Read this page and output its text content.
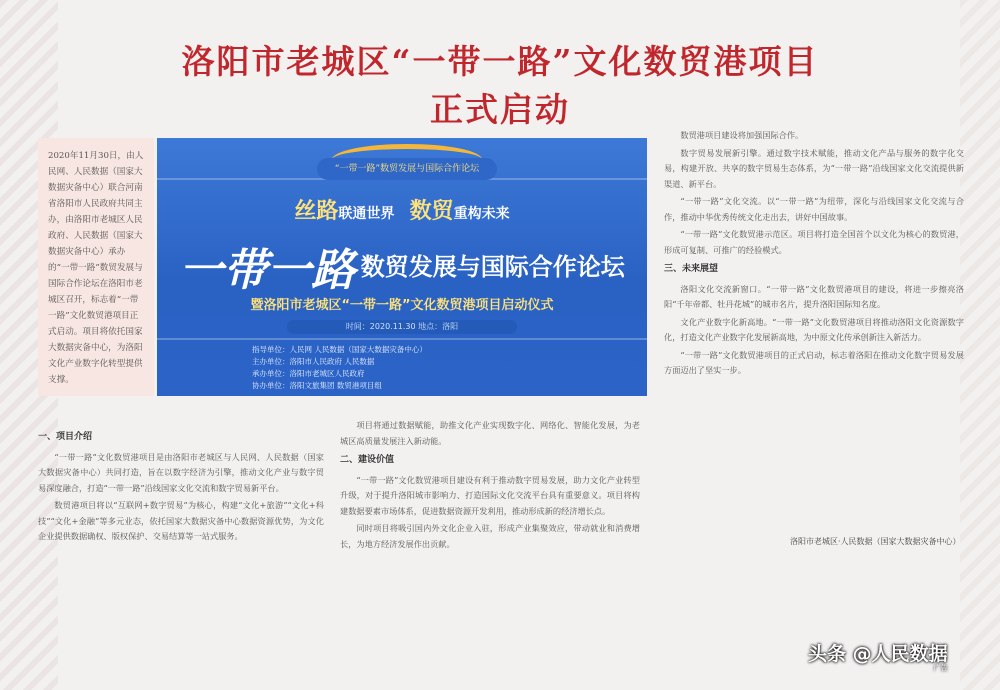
洛阳市老城区“一带一路”文化数贸港项目
正式启动
2020年11月30日，由人民网、人民数据（国家大数据灾备中心）联合河南省洛阳市人民政府共同主办，由洛阳市老城区人民政府、人民数据（国家大数据灾备中心）承办的“一带一路”数贸发展与国际合作论坛在洛阳市老城区召开，标志着“一带一路”文化数贸港项目正式启动。项目将依托国家大数据灾备中心，为洛阳文化产业数字化转型提供支撑。
“一带一路”数贸发展与国际合作论坛
丝路联通世界 数贸重构未来
一带一路 数贸发展与国际合作论坛
暨洛阳市老城区“一带一路”文化数贸港项目启动仪式
时间：2020.11.30 地点：洛阳
指导单位：人民网 人民数据（国家大数据灾备中心）
主办单位：洛阳市人民政府 人民数据
承办单位：洛阳市老城区人民政府
协办单位：洛阳文旅集团 数贸港项目组
一、项目介绍

“一带一路”文化数贸港项目是由洛阳市老城区与人民网、人民数据（国家大数据灾备中心）共同打造，旨在以数字经济为引擎，推动文化产业与数字贸易深度融合，打造“一带一路”沿线国家文化交流和数字贸易新平台。

数贸港项目将以“互联网+数字贸易”为核心，构建“文化+旅游”“文化+科技”“文化+金融”等多元业态，依托国家大数据灾备中心数据资源优势，为文化企业提供数据确权、版权保护、交易结算等一站式服务。

项目将通过数据赋能，助推文化产业实现数字化、网络化、智能化发展，为老城区高质量发展注入新动能。

二、建设价值

“一带一路”文化数贸港项目建设有利于推动数字贸易发展，助力文化产业转型升级，对于提升洛阳城市影响力、打造国际文化交流平台具有重要意义。项目将构建数据要素市场体系，促进数据资源开发利用，推动形成新的经济增长点。

同时项目将吸引国内外文化企业入驻，形成产业集聚效应，带动就业和消费增长，为地方经济发展作出贡献。

数贸港项目建设将加强国际合作。

数字贸易发展新引擎。通过数字技术赋能，推动文化产品与服务的数字化交易，构建开放、共享的数字贸易生态体系，为“一带一路”沿线国家文化交流提供新渠道、新平台。

“一带一路”文化交流。以“一带一路”为纽带，深化与沿线国家文化交流与合作，推动中华优秀传统文化走出去，讲好中国故事。

“一带一路”文化数贸港示范区。项目将打造全国首个以文化为核心的数贸港，形成可复制、可推广的经验模式。

三、未来展望

洛阳文化交流新窗口。“一带一路”文化数贸港项目的建设，将进一步擦亮洛阳“千年帝都、牡丹花城”的城市名片，提升洛阳国际知名度。

文化产业数字化新高地。“一带一路”文化数贸港项目将推动洛阳文化资源数字化，打造文化产业数字化发展新高地，为中原文化传承创新注入新活力。

“一带一路”文化数贸港项目的正式启动，标志着洛阳在推动文化数字贸易发展方面迈出了坚实一步。

洛阳市老城区·人民数据（国家大数据灾备中心）
头条 @人民数据
广告
